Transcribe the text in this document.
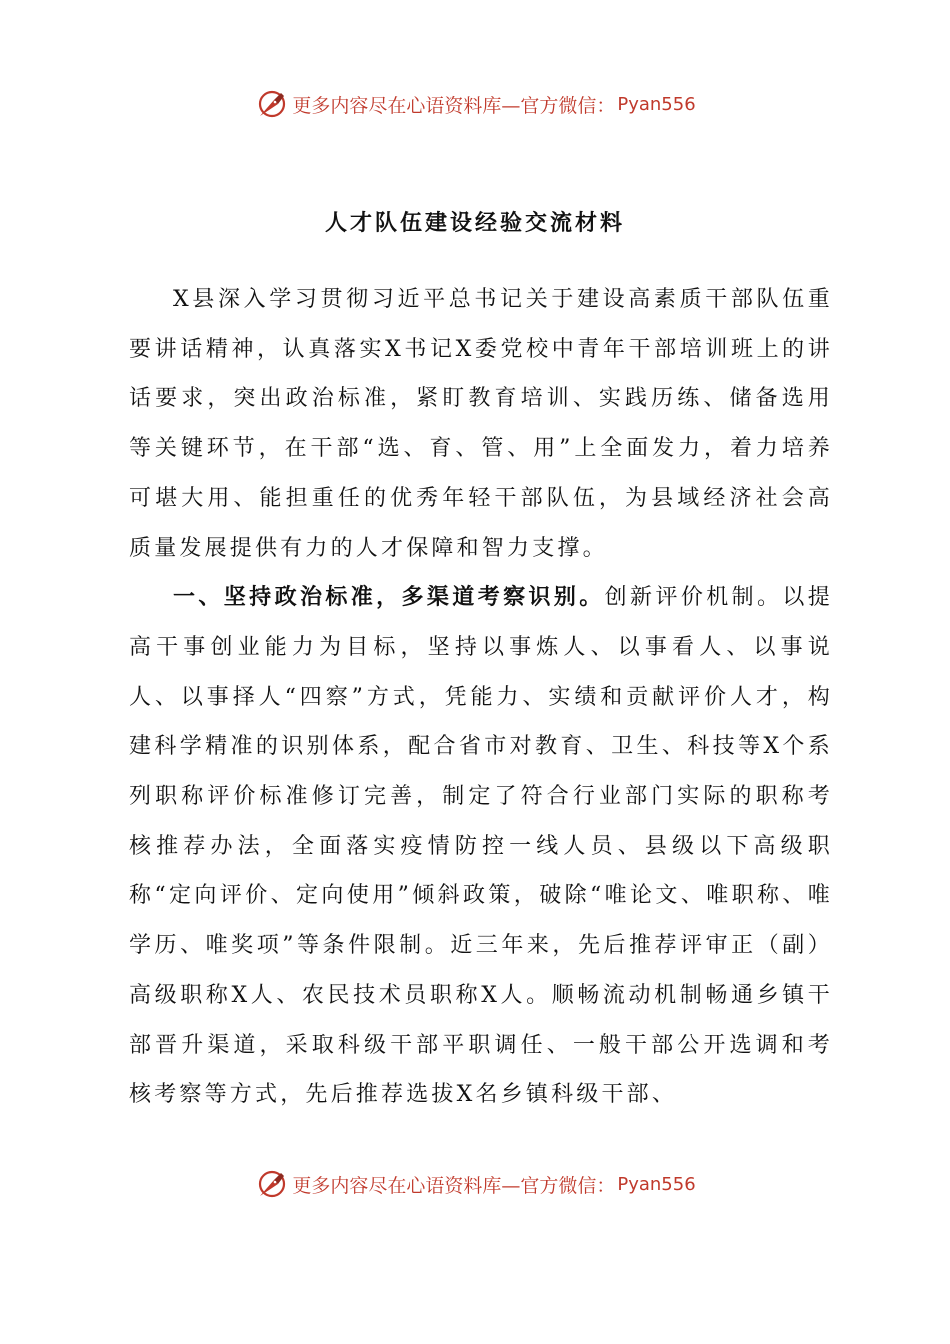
更多内容尽在心语资料库—官方微信： Pyan556
人才队伍建设经验交流材料

X县深入学习贯彻习近平总书记关于建设高素质干部队伍重要讲话精神，认真落实X书记X委党校中青年干部培训班上的讲话要求，突出政治标准，紧盯教育培训、实践历练、储备选用等关键环节，在干部“选、育、管、用”上全面发力，着力培养可堪大用、能担重任的优秀年轻干部队伍，为县域经济社会高质量发展提供有力的人才保障和智力支撑。

一、坚持政治标准，多渠道考察识别。创新评价机制。以提高干事创业能力为目标，坚持以事炼人、以事看人、以事说人、以事择人“四察”方式，凭能力、实绩和贡献评价人才，构建科学精准的识别体系，配合省市对教育、卫生、科技等X个系列职称评价标准修订完善，制定了符合行业部门实际的职称考核推荐办法，全面落实疫情防控一线人员、县级以下高级职称“定向评价、定向使用”倾斜政策，破除“唯论文、唯职称、唯学历、唯奖项”等条件限制。近三年来，先后推荐评审正（副）高级职称X人、农民技术员职称X人。顺畅流动机制畅通乡镇干部晋升渠道，采取科级干部平职调任、一般干部公开选调和考核考察等方式，先后推荐选拔X名乡镇科级干部、

更多内容尽在心语资料库—官方微信： Pyan556
